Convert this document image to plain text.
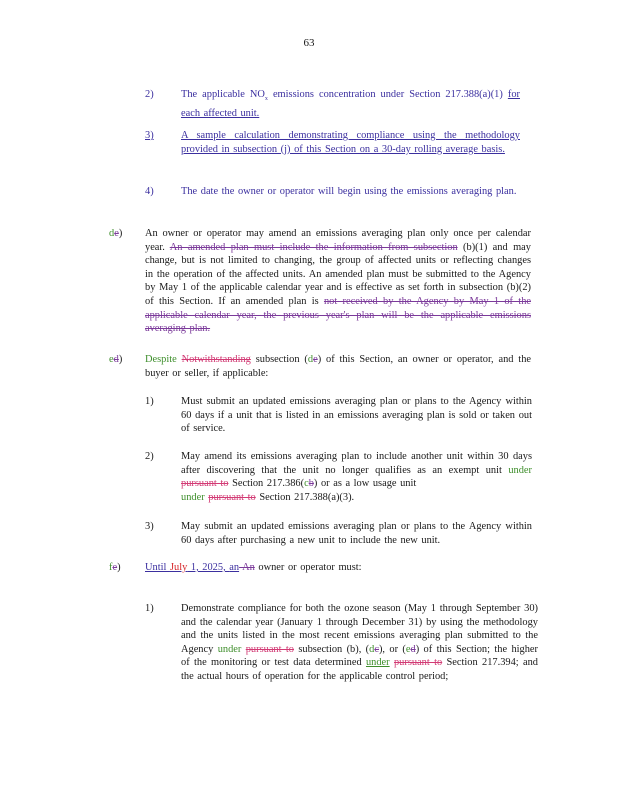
63
2)	The applicable $NO_x$ emissions concentration under Section 217.388(a)(1) for each affected unit.
3)	A sample calculation demonstrating compliance using the methodology provided in subsection (j) of this Section on a 30-day rolling average basis.
4)	The date the owner or operator will begin using the emissions averaging plan.
de) An owner or operator may amend an emissions averaging plan only once per calendar year. An amended plan must include the information from subsection (b)(1) and may change, but is not limited to changing, the group of affected units or reflecting changes in the operation of the affected units. An amended plan must be submitted to the Agency by May 1 of the applicable calendar year and is effective as set forth in subsection (b)(2) of this Section. If an amended plan is not received by the Agency by May 1 of the applicable calendar year, the previous year's plan will be the applicable emissions averaging plan.
ed) Despite Notwithstanding subsection (de) of this Section, an owner or operator, and the buyer or seller, if applicable:
1)	Must submit an updated emissions averaging plan or plans to the Agency within 60 days if a unit that is listed in an emissions averaging plan is sold or taken out of service.
2)	May amend its emissions averaging plan to include another unit within 30 days after discovering that the unit no longer qualifies as an exempt unit under pursuant to Section 217.386(cb) or as a low usage unit
under pursuant to Section 217.388(a)(3).
3)	May submit an updated emissions averaging plan or plans to the Agency within 60 days after purchasing a new unit to include the new unit.
fe) Until July 1, 2025, an An owner or operator must:
1)	Demonstrate compliance for both the ozone season (May 1 through September 30) and the calendar year (January 1 through December 31) by using the methodology and the units listed in the most recent emissions averaging plan submitted to the Agency under pursuant to subsection (b), (dc), or (ed) of this Section; the higher of the monitoring or test data determined under pursuant to Section 217.394; and the actual hours of operation for the applicable control period;
